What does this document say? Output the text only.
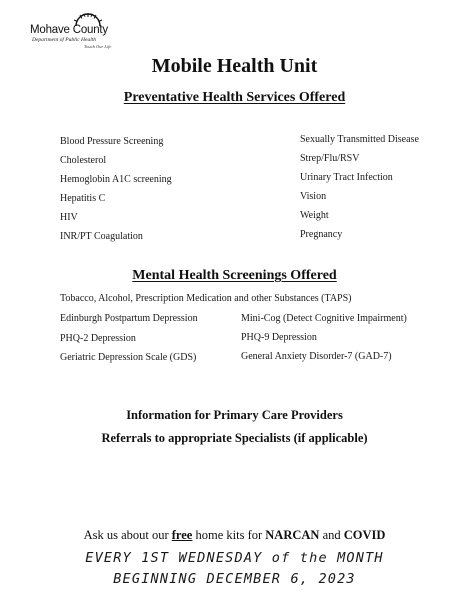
Mohave County
Department of Public Health
Touch Our Life
Mobile Health Unit
Preventative Health Services Offered
Blood Pressure Screening
Cholesterol
Hemoglobin A1C screening
Hepatitis C
HIV
INR/PT Coagulation
Sexually Transmitted Disease
Strep/Flu/RSV
Urinary Tract Infection
Vision
Weight
Pregnancy
Mental Health Screenings Offered
Tobacco, Alcohol, Prescription Medication and other Substances (TAPS)
Edinburgh Postpartum Depression
PHQ-2 Depression
Geriatric Depression Scale (GDS)
Mini-Cog (Detect Cognitive Impairment)
PHQ-9 Depression
General Anxiety Disorder-7 (GAD-7)
Information for Primary Care Providers
Referrals to appropriate Specialists (if applicable)
Ask us about our free home kits for NARCAN and COVID
EVERY 1ST WEDNESDAY of the MONTH
BEGINNING DECEMBER 6, 2023
